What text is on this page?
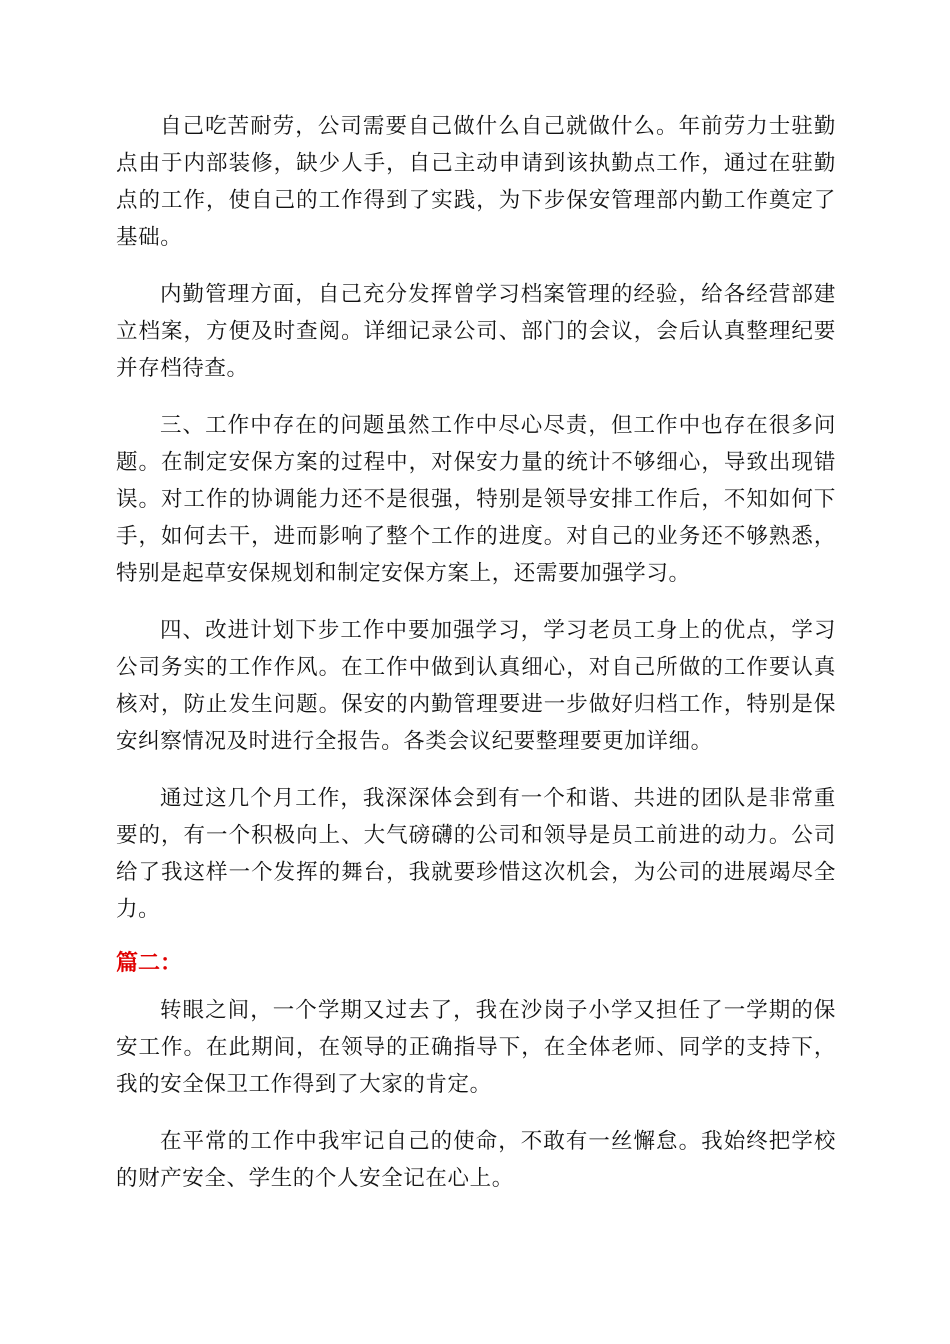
自己吃苦耐劳，公司需要自己做什么自己就做什么。年前劳力士驻勤点由于内部装修，缺少人手，自己主动申请到该执勤点工作，通过在驻勤点的工作，使自己的工作得到了实践，为下步保安管理部内勤工作奠定了基础。

内勤管理方面，自己充分发挥曾学习档案管理的经验，给各经营部建立档案，方便及时查阅。详细记录公司、部门的会议，会后认真整理纪要并存档待查。

三、工作中存在的问题虽然工作中尽心尽责，但工作中也存在很多问题。在制定安保方案的过程中，对保安力量的统计不够细心，导致出现错误。对工作的协调能力还不是很强，特别是领导安排工作后，不知如何下手，如何去干，进而影响了整个工作的进度。对自己的业务还不够熟悉，特别是起草安保规划和制定安保方案上，还需要加强学习。

四、改进计划下步工作中要加强学习，学习老员工身上的优点，学习公司务实的工作作风。在工作中做到认真细心，对自己所做的工作要认真核对，防止发生问题。保安的内勤管理要进一步做好归档工作，特别是保安纠察情况及时进行全报告。各类会议纪要整理要更加详细。

通过这几个月工作，我深深体会到有一个和谐、共进的团队是非常重要的，有一个积极向上、大气磅礴的公司和领导是员工前进的动力。公司给了我这样一个发挥的舞台，我就要珍惜这次机会，为公司的进展竭尽全力。

篇二：

转眼之间，一个学期又过去了，我在沙岗子小学又担任了一学期的保安工作。在此期间，在领导的正确指导下，在全体老师、同学的支持下，我的安全保卫工作得到了大家的肯定。

在平常的工作中我牢记自己的使命，不敢有一丝懈怠。我始终把学校的财产安全、学生的个人安全记在心上。
